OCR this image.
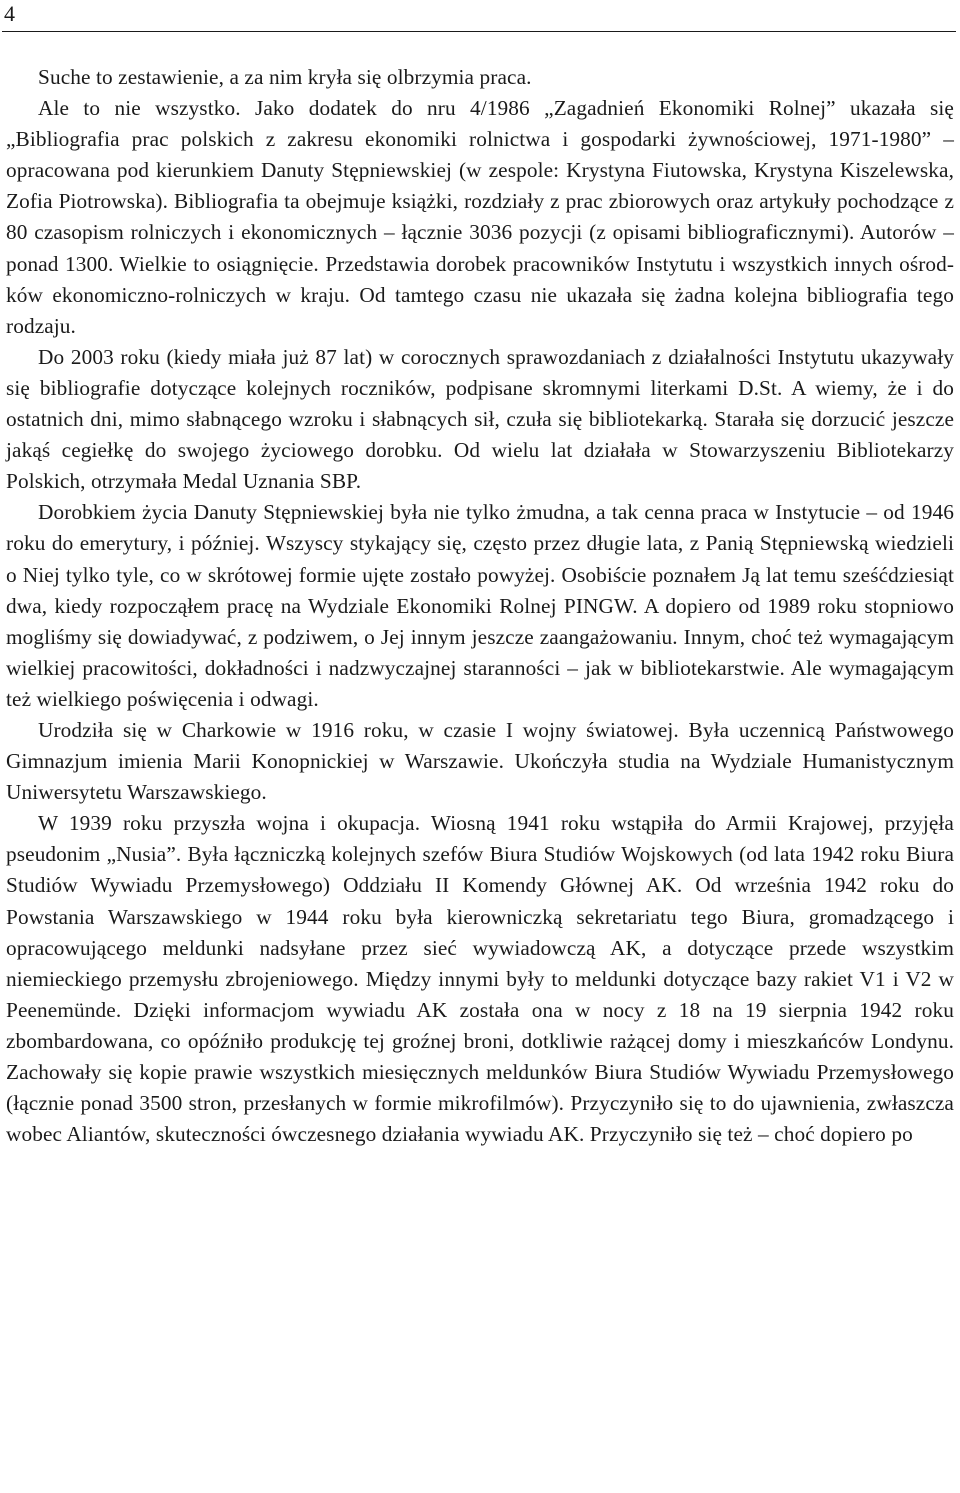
4

Suche to zestawienie, a za nim kryła się olbrzymia praca.

Ale to nie wszystko. Jako dodatek do nru 4/1986 „Zagadnień Ekonomiki Rolnej” ukazała się „Bibliografia prac polskich z zakresu ekonomiki rolnictwa i gospodarki żywnościowej, 1971-1980” – opracowana pod kierunkiem Danuty Stępniewskiej (w zespole: Krystyna Fiutowska, Krystyna Kiszelewska, Zofia Piotrowska). Bibliografia ta obejmuje książki, rozdziały z prac zbiorowych oraz artykuły pochodzące z 80 czasopism rolniczych i ekonomicznych – łącznie 3036 pozycji (z opisami bibliograficznymi). Autorów – ponad 1300. Wielkie to osiągnięcie. Przedstawia dorobek pracowników Instytutu i wszystkich innych ośrodków ekonomiczno-rolniczych w kraju. Od tamtego czasu nie ukazała się żadna kolejna bibliografia tego rodzaju.

Do 2003 roku (kiedy miała już 87 lat) w corocznych sprawozdaniach z działalności Instytutu ukazywały się bibliografie dotyczące kolejnych roczników, podpisane skromnymi literkami D.St. A wiemy, że i do ostatnich dni, mimo słabnącego wzroku i słabnących sił, czuła się bibliotekarką. Starała się dorzucić jeszcze jakąś cegiełkę do swojego życiowego dorobku. Od wielu lat działała w Stowarzyszeniu Bibliotekarzy Polskich, otrzymała Medal Uznania SBP.

Dorobkiem życia Danuty Stępniewskiej była nie tylko żmudna, a tak cenna praca w Instytucie – od 1946 roku do emerytury, i później. Wszyscy stykający się, często przez długie lata, z Panią Stępniewską wiedzieli o Niej tylko tyle, co w skrótowej formie ujęte zostało powyżej. Osobiście poznałem Ją lat temu sześćdziesiąt dwa, kiedy rozpocząłem pracę na Wydziale Ekonomiki Rolnej PINGW. A dopiero od 1989 roku stopniowo mogliśmy się dowiadywać, z podziwem, o Jej innym jeszcze zaangażowaniu. Innym, choć też wymagającym wielkiej pracowitości, dokładności i nadzwyczajnej staranności – jak w bibliotekarstwie. Ale wymagającym też wielkiego poświęcenia i odwagi.

Urodziła się w Charkowie w 1916 roku, w czasie I wojny światowej. Była uczennicą Państwowego Gimnazjum imienia Marii Konopnickiej w Warszawie. Ukończyła studia na Wydziale Humanistycznym Uniwersytetu Warszawskiego.

W 1939 roku przyszła wojna i okupacja. Wiosną 1941 roku wstąpiła do Armii Krajowej, przyjęła pseudonim „Nusia”. Była łączniczką kolejnych szefów Biura Studiów Wojskowych (od lata 1942 roku Biura Studiów Wywiadu Przemysłowego) Oddziału II Komendy Głównej AK. Od września 1942 roku do Powstania Warszawskiego w 1944 roku była kierowniczką sekretariatu tego Biura, gromadzącego i opracowującego meldunki nadsyłane przez sieć wywiadowczą AK, a dotyczące przede wszystkim niemieckiego przemysłu zbrojeniowego. Między innymi były to meldunki dotyczące bazy rakiet V1 i V2 w Peenemünde. Dzięki informacjom wywiadu AK została ona w nocy z 18 na 19 sierpnia 1942 roku zbombardowana, co opóźniło produkcję tej groźnej broni, dotkliwie rażącej domy i mieszkańców Londynu. Zachowały się kopie prawie wszystkich miesięcznych meldunków Biura Studiów Wywiadu Przemysłowego (łącznie ponad 3500 stron, przesłanych w formie mikrofilmów). Przyczyniło się to do ujawnienia, zwłaszcza wobec Aliantów, skuteczności ówczesnego działania wywiadu AK. Przyczyniło się też – choć dopiero po
